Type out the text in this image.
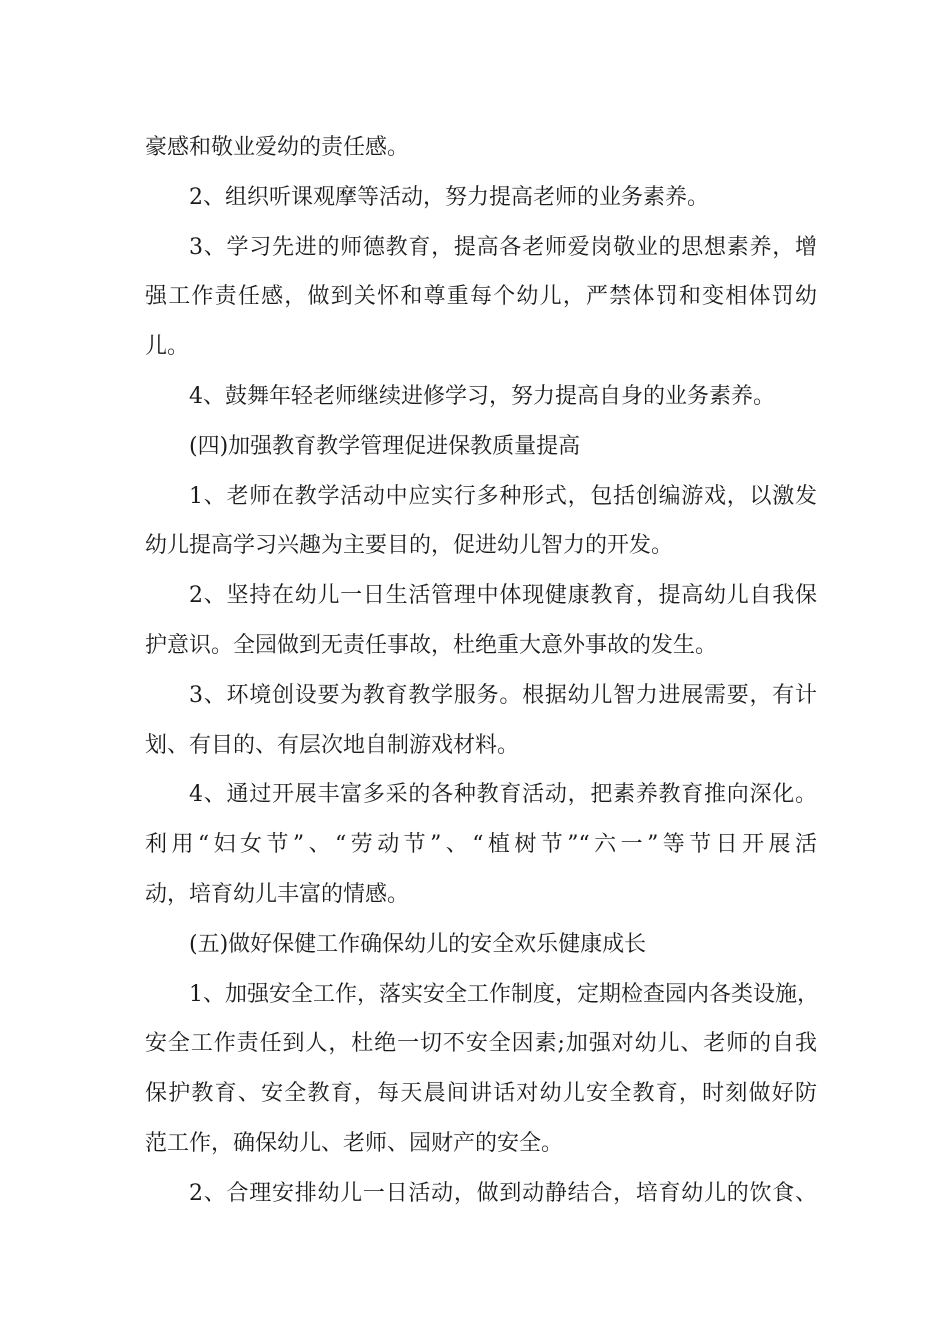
豪感和敬业爱幼的责任感。
2、组织听课观摩等活动，努力提高老师的业务素养。
3、学习先进的师德教育，提高各老师爱岗敬业的思想素养，增
强工作责任感，做到关怀和尊重每个幼儿，严禁体罚和变相体罚幼
儿。
4、鼓舞年轻老师继续进修学习，努力提高自身的业务素养。
(四)加强教育教学管理促进保教质量提高
1、老师在教学活动中应实行多种形式，包括创编游戏，以激发
幼儿提高学习兴趣为主要目的，促进幼儿智力的开发。
2、坚持在幼儿一日生活管理中体现健康教育，提高幼儿自我保
护意识。全园做到无责任事故，杜绝重大意外事故的发生。
3、环境创设要为教育教学服务。根据幼儿智力进展需要，有计
划、有目的、有层次地自制游戏材料。
4、通过开展丰富多采的各种教育活动，把素养教育推向深化。
利用“妇女节”、“劳动节”、“植树节”“六一”等节日开展活
动，培育幼儿丰富的情感。
(五)做好保健工作确保幼儿的安全欢乐健康成长
1、加强安全工作，落实安全工作制度，定期检查园内各类设施，
安全工作责任到人，杜绝一切不安全因素;加强对幼儿、老师的自我
保护教育、安全教育，每天晨间讲话对幼儿安全教育，时刻做好防
范工作，确保幼儿、老师、园财产的安全。
2、合理安排幼儿一日活动，做到动静结合，培育幼儿的饮食、
